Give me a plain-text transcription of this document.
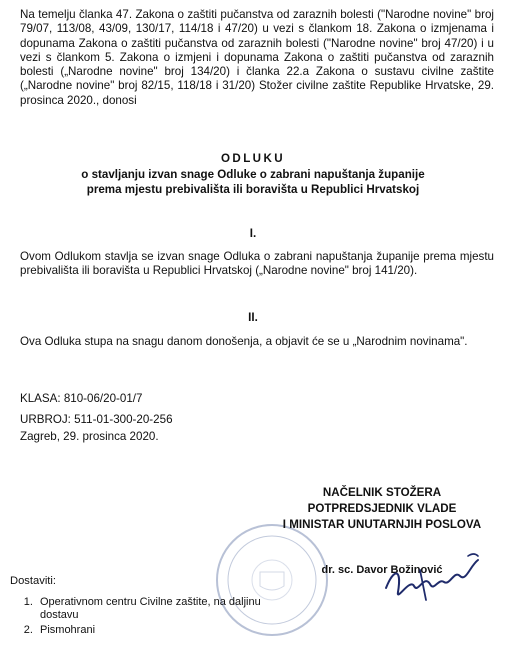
Na temelju članka 47. Zakona o zaštiti pučanstva od zaraznih bolesti ("Narodne novine" broj 79/07, 113/08, 43/09, 130/17, 114/18 i 47/20) u vezi s člankom 18. Zakona o izmjenama i dopunama Zakona o zaštiti pučanstva od zaraznih bolesti ("Narodne novine" broj 47/20) i u vezi s člankom 5. Zakona o izmjeni i dopunama Zakona o zaštiti pučanstva od zaraznih bolesti („Narodne novine" broj 134/20) i članka 22.a Zakona o sustavu civilne zaštite („Narodne novine" broj 82/15, 118/18 i 31/20) Stožer civilne zaštite Republike Hrvatske, 29. prosinca 2020., donosi
ODLUKU
o stavljanju izvan snage Odluke o zabrani napuštanja županije
prema mjestu prebivališta ili boravišta u Republici Hrvatskoj
I.
Ovom Odlukom stavlja se izvan snage Odluka o zabrani napuštanja županije prema mjestu prebivališta ili boravišta u Republici Hrvatskoj („Narodne novine" broj 141/20).
II.
Ova Odluka stupa na snagu danom donošenja, a objavit će se u „Narodnim novinama".
KLASA: 810-06/20-01/7
URBROJ: 511-01-300-20-256
Zagreb, 29. prosinca 2020.
NAČELNIK STOŽERA
POTPREDSJEDNIK VLADE
I MINISTAR UNUTARNJIH POSLOVA
dr. sc. Davor Božinović
Dostaviti:
1. Operativnom centru Civilne zaštite, na daljinu dostavu
2. Pismohrani
